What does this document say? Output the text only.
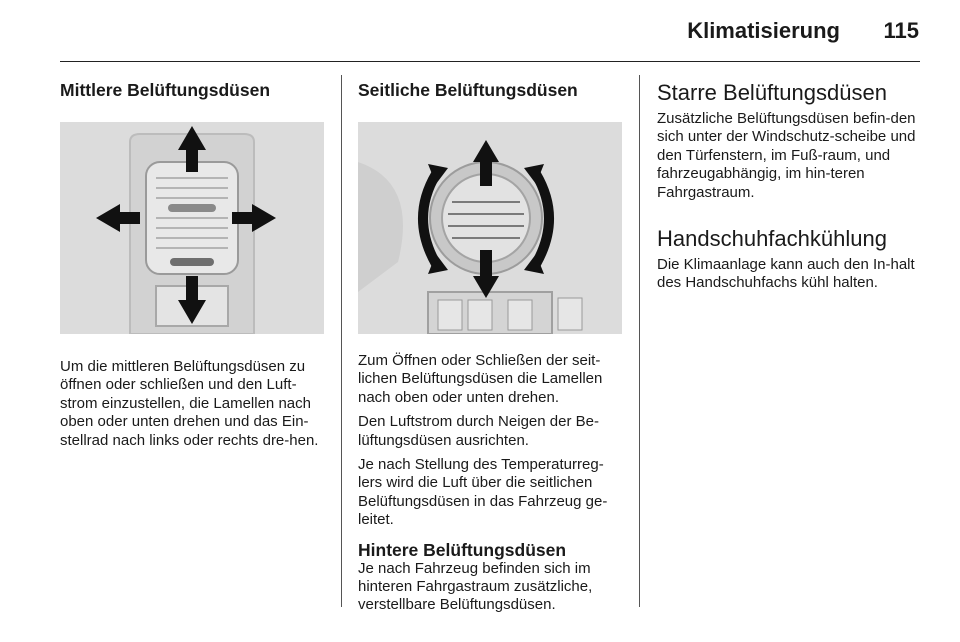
Klimatisierung	115
Mittlere Belüftungsdüsen

Um die mittleren Belüftungsdüsen zu öffnen oder schließen und den Luft-strom einzustellen, die Lamellen nach oben oder unten drehen und das Ein-stellrad nach links oder rechts dre-hen.

Seitliche Belüftungsdüsen

Zum Öffnen oder Schließen der seit-lichen Belüftungsdüsen die Lamellen nach oben oder unten drehen.

Den Luftstrom durch Neigen der Be-lüftungsdüsen ausrichten.

Je nach Stellung des Temperaturreg-lers wird die Luft über die seitlichen Belüftungsdüsen in das Fahrzeug ge-leitet.

Hintere Belüftungsdüsen

Je nach Fahrzeug befinden sich im hinteren Fahrgastraum zusätzliche, verstellbare Belüftungsdüsen.

Starre Belüftungsdüsen

Zusätzliche Belüftungsdüsen befin-den sich unter der Windschutz-scheibe und den Türfenstern, im Fuß-raum, und fahrzeugabhängig, im hin-teren Fahrgastraum.

Handschuhfachkühlung

Die Klimaanlage kann auch den In-halt des Handschuhfachs kühl halten.
